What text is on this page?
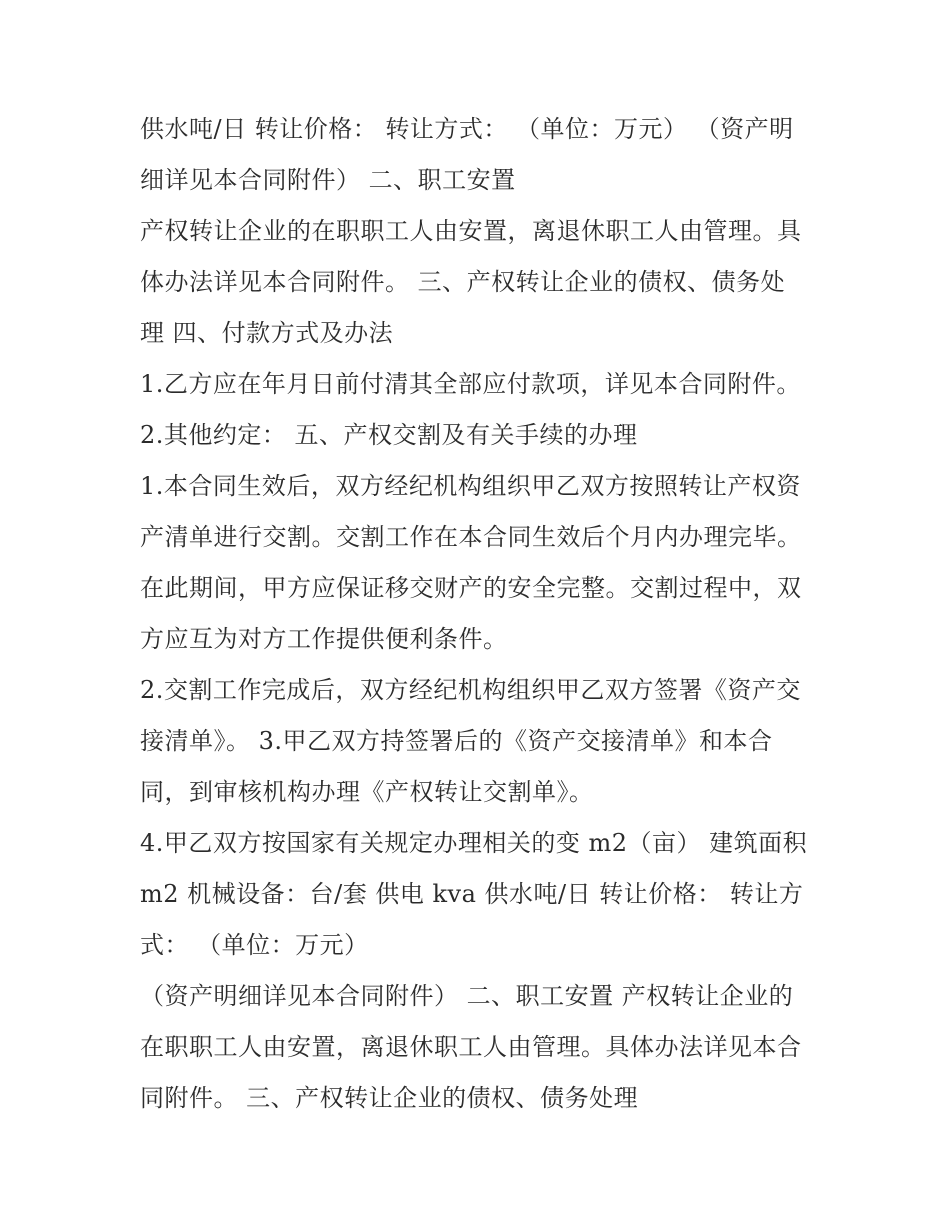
供水吨/日 转让价格： 转让方式： （单位：万元） （资产明
细详见本合同附件） 二、职工安置
产权转让企业的在职职工人由安置，离退休职工人由管理。具
体办法详见本合同附件。 三、产权转让企业的债权、债务处
理 四、付款方式及办法
1.乙方应在年月日前付清其全部应付款项，详见本合同附件。
2.其他约定： 五、产权交割及有关手续的办理
1.本合同生效后，双方经纪机构组织甲乙双方按照转让产权资
产清单进行交割。交割工作在本合同生效后个月内办理完毕。
在此期间，甲方应保证移交财产的安全完整。交割过程中，双
方应互为对方工作提供便利条件。
2.交割工作完成后，双方经纪机构组织甲乙双方签署《资产交
接清单》。 3.甲乙双方持签署后的《资产交接清单》和本合
同，到审核机构办理《产权转让交割单》。
4.甲乙双方按国家有关规定办理相关的变 m2（亩） 建筑面积
m2 机械设备：台/套 供电 kva 供水吨/日 转让价格： 转让方
式： （单位：万元）
（资产明细详见本合同附件） 二、职工安置 产权转让企业的
在职职工人由安置，离退休职工人由管理。具体办法详见本合
同附件。 三、产权转让企业的债权、债务处理
